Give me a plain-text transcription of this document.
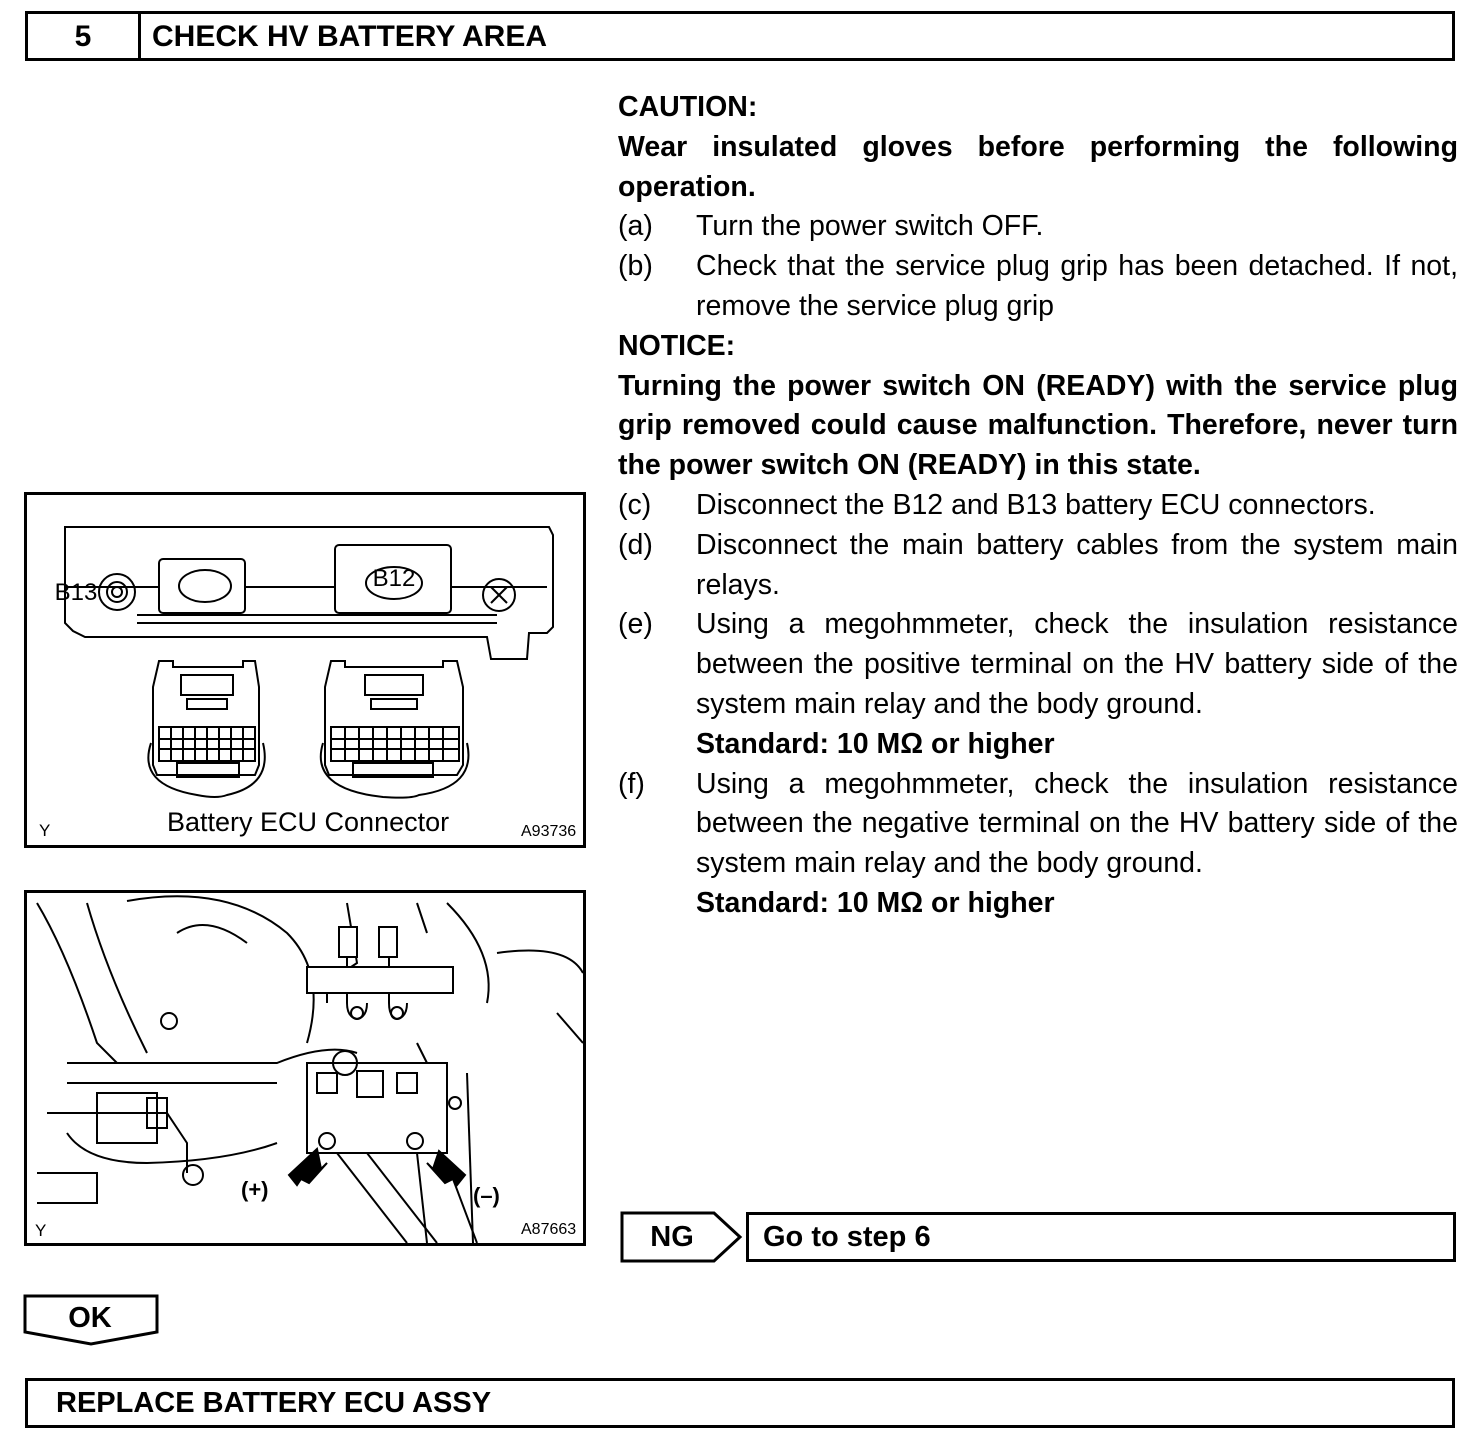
5	CHECK HV BATTERY AREA
B13
B12
Battery ECU Connector
Y	A93736
(+)	(–)
Y	A87663
CAUTION:
Wear insulated gloves before performing the following operation.
(a)	Turn the power switch OFF.
(b)	Check that the service plug grip has been detached. If not, remove the service plug grip
NOTICE:
Turning the power switch ON (READY) with the service plug grip removed could cause malfunction. Therefore, never turn the power switch ON (READY) in this state.
(c)	Disconnect the B12 and B13 battery ECU connectors.
(d)	Disconnect the main battery cables from the system main relays.
(e)	Using a megohmmeter, check the insulation resistance between the positive terminal on the HV battery side of the system main relay and the body ground.
Standard: 10 MΩ or higher
(f)	Using a megohmmeter, check the insulation resistance between the negative terminal on the HV battery side of the system main relay and the body ground.
Standard: 10 MΩ or higher
NG	Go to step 6
OK
REPLACE BATTERY ECU ASSY
